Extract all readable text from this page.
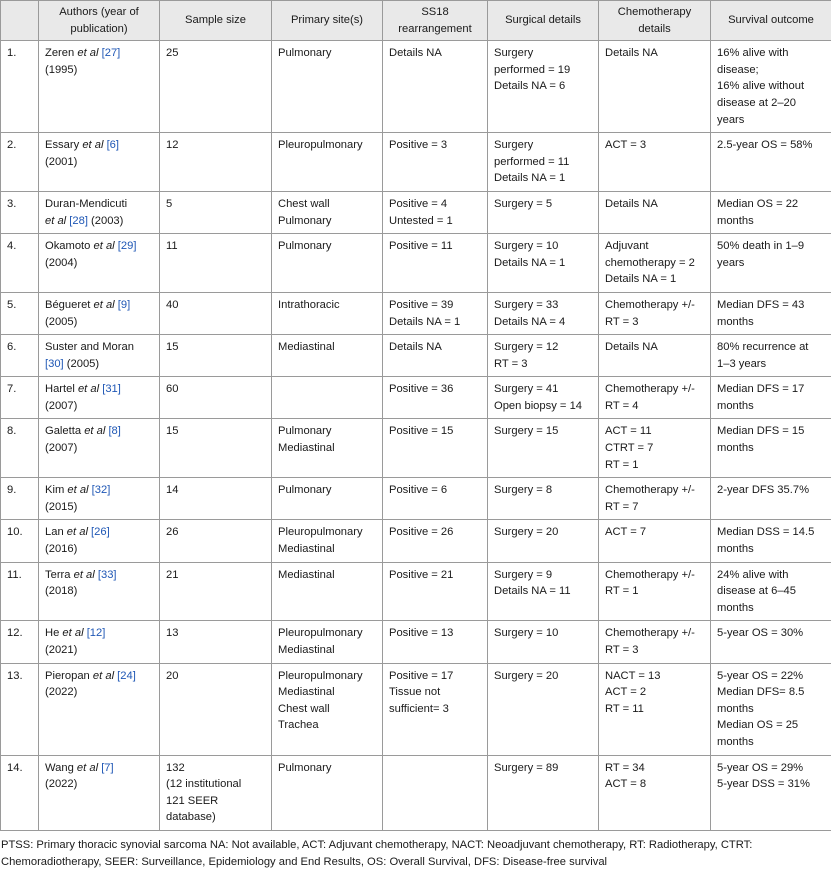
	Authors (year of
publication)	Sample size	Primary site(s)	SS18
rearrangement	Surgical details	Chemotherapy
details	Survival outcome

1.	Zeren et al [27]
(1995)	25	Pulmonary	Details NA	Surgery
performed = 19
Details NA = 6	Details NA	16% alive with
disease;
16% alive without
disease at 2–20
years

2.	Essary et al [6]
(2001)	12	Pleuropulmonary	Positive = 3	Surgery
performed = 11
Details NA = 1	ACT = 3	2.5-year OS = 58%

3.	Duran-Mendicuti
et al [28] (2003)	5	Chest wall
Pulmonary	Positive = 4
Untested = 1	Surgery = 5	Details NA	Median OS = 22
months

4.	Okamoto et al [29]
(2004)	11	Pulmonary	Positive = 11	Surgery = 10
Details NA = 1	Adjuvant
chemotherapy = 2
Details NA = 1	50% death in 1–9
years

5.	Bégueret et al [9]
(2005)	40	Intrathoracic	Positive = 39
Details NA = 1	Surgery = 33
Details NA = 4	Chemotherapy +/-
RT = 3	Median DFS = 43
months

6.	Suster and Moran
[30] (2005)	15	Mediastinal	Details NA	Surgery = 12
RT = 3	Details NA	80% recurrence at
1–3 years

7.	Hartel et al [31]
(2007)	60		Positive = 36	Surgery = 41
Open biopsy = 14	Chemotherapy +/-
RT = 4	Median DFS = 17
months

8.	Galetta et al [8]
(2007)	15	Pulmonary
Mediastinal	Positive = 15	Surgery = 15	ACT = 11
CTRT = 7
RT = 1	Median DFS = 15
months

9.	Kim et al [32]
(2015)	14	Pulmonary	Positive = 6	Surgery = 8	Chemotherapy +/-
RT = 7	2-year DFS 35.7%

10.	Lan et al [26]
(2016)	26	Pleuropulmonary
Mediastinal	Positive = 26	Surgery = 20	ACT = 7	Median DSS = 14.5
months

11.	Terra et al [33]
(2018)	21	Mediastinal	Positive = 21	Surgery = 9
Details NA = 11	Chemotherapy +/-
RT = 1	24% alive with
disease at 6–45
months

12.	He et al [12]
(2021)	13	Pleuropulmonary
Mediastinal	Positive = 13	Surgery = 10	Chemotherapy +/-
RT = 3	5-year OS = 30%

13.	Pieropan et al [24]
(2022)	20	Pleuropulmonary
Mediastinal
Chest wall
Trachea	Positive = 17
Tissue not
sufficient= 3	Surgery = 20	NACT = 13
ACT = 2
RT = 11	5-year OS = 22%
Median DFS= 8.5
months
Median OS = 25
months

14.	Wang et al [7]
(2022)	132
(12 institutional
121 SEER
database)	Pulmonary		Surgery = 89	RT = 34
ACT = 8	5-year OS = 29%
5-year DSS = 31%
PTSS: Primary thoracic synovial sarcoma NA: Not available, ACT: Adjuvant chemotherapy, NACT: Neoadjuvant chemotherapy, RT: Radiotherapy, CTRT:
Chemoradiotherapy, SEER: Surveillance, Epidemiology and End Results, OS: Overall Survival, DFS: Disease-free survival
